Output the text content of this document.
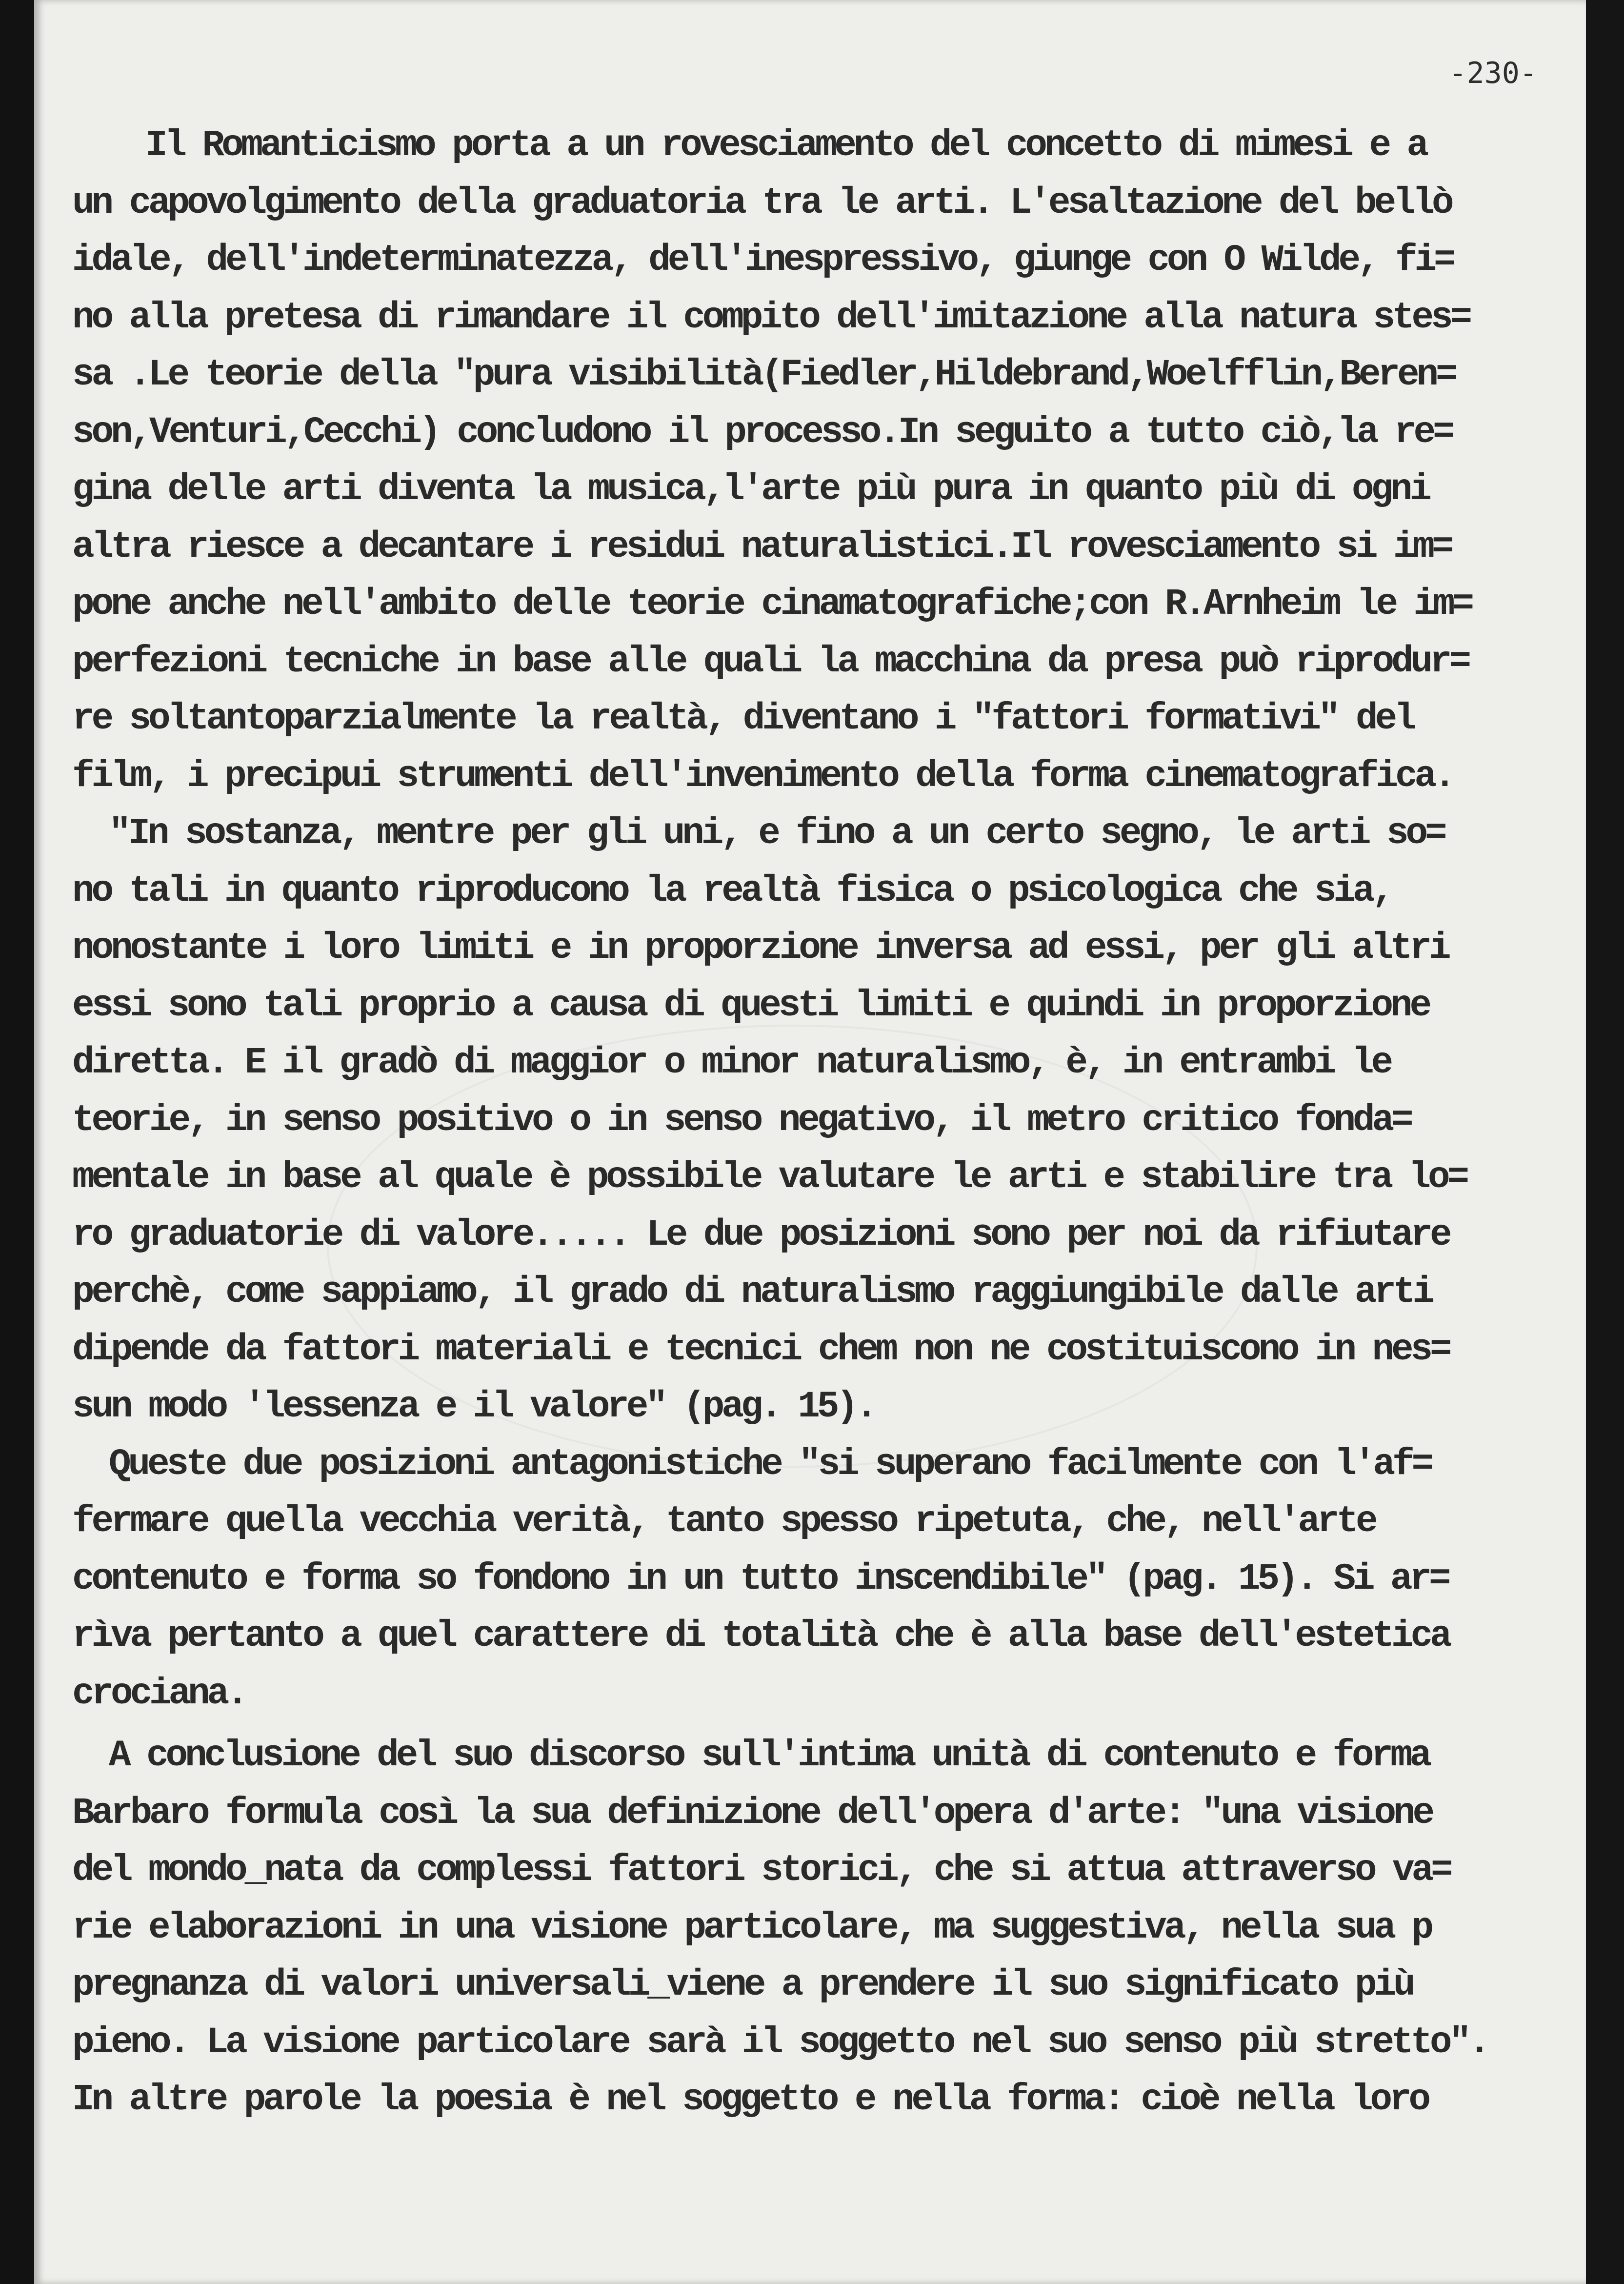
-230-
Il Romanticismo porta a un rovesciamento del concetto di mimesi e a
un capovolgimento della graduatoria tra le arti. L'esaltazione del bellò
idale, dell'indeterminatezza, dell'inespressivo, giunge con O Wilde, fi=
no alla pretesa di rimandare il compito dell'imitazione alla natura stes=
sa .Le teorie della "pura visibilità(Fiedler,Hildebrand,Woelfflin,Beren=
son,Venturi,Cecchi) concludono il processo.In seguito a tutto ciò,la re=
gina delle arti diventa la musica,l'arte più pura in quanto più di ogni
altra riesce a decantare i residui naturalistici.Il rovesciamento si im=
pone anche nell'ambito delle teorie cinamatografiche;con R.Arnheim le im=
perfezioni tecniche in base alle quali la macchina da presa può riprodur=
re soltantoparzialmente la realtà, diventano i "fattori formativi" del
film, i precipui strumenti dell'invenimento della forma cinematografica.
"In sostanza, mentre per gli uni, e fino a un certo segno, le arti so=
no tali in quanto riproducono la realtà fisica o psicologica che sia,
nonostante i loro limiti e in proporzione inversa ad essi, per gli altri
essi sono tali proprio a causa di questi limiti e quindi in proporzione
diretta. E il gradò di maggior o minor naturalismo, è, in entrambi le
teorie, in senso positivo o in senso negativo, il metro critico fonda=
mentale in base al quale è possibile valutare le arti e stabilire tra lo=
ro graduatorie di valore..... Le due posizioni sono per noi da rifiutare
perchè, come sappiamo, il grado di naturalismo raggiungibile dalle arti
dipende da fattori materiali e tecnici chem non ne costituiscono in nes=
sun modo 'lessenza e il valore" (pag. 15).
Queste due posizioni antagonistiche "si superano facilmente con l'af=
fermare quella vecchia verità, tanto spesso ripetuta, che, nell'arte
contenuto e forma so fondono in un tutto inscendibile" (pag. 15). Si ar=
rìva pertanto a quel carattere di totalità che è alla base dell'estetica
crociana.
A conclusione del suo discorso sull'intima unità di contenuto e forma
Barbaro formula così la sua definizione dell'opera d'arte: "una visione
del mondo_nata da complessi fattori storici, che si attua attraverso va=
rie elaborazioni in una visione particolare, ma suggestiva, nella sua p
pregnanza di valori universali_viene a prendere il suo significato più
pieno. La visione particolare sarà il soggetto nel suo senso più stretto".
In altre parole la poesia è nel soggetto e nella forma: cioè nella loro
